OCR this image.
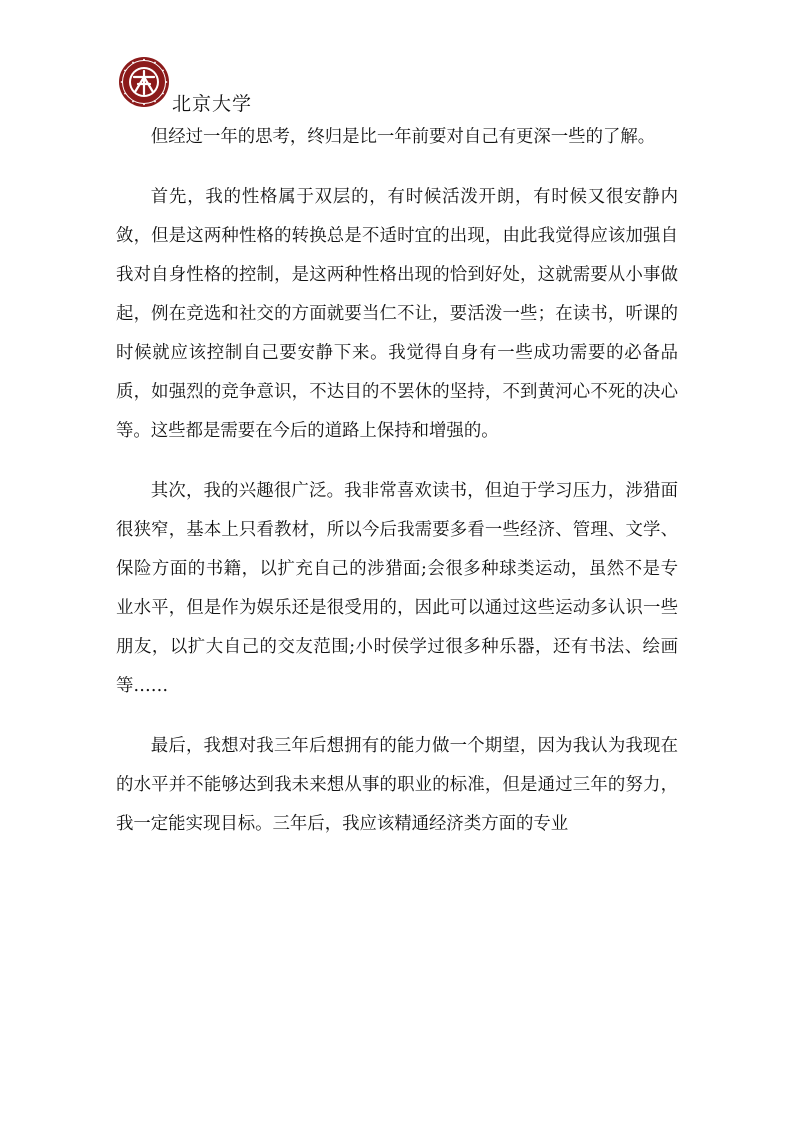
北京大学

但经过一年的思考，终归是比一年前要对自己有更深一些的了解。

首先，我的性格属于双层的，有时候活泼开朗，有时候又很安静内敛，但是这两种性格的转换总是不适时宜的出现，由此我觉得应该加强自我对自身性格的控制，是这两种性格出现的恰到好处，这就需要从小事做起，例在竞选和社交的方面就要当仁不让，要活泼一些；在读书，听课的时候就应该控制自己要安静下来。我觉得自身有一些成功需要的必备品质，如强烈的竞争意识，不达目的不罢休的坚持，不到黄河心不死的决心等。这些都是需要在今后的道路上保持和增强的。

其次，我的兴趣很广泛。我非常喜欢读书，但迫于学习压力，涉猎面很狭窄，基本上只看教材，所以今后我需要多看一些经济、管理、文学、保险方面的书籍，以扩充自己的涉猎面;会很多种球类运动，虽然不是专业水平，但是作为娱乐还是很受用的，因此可以通过这些运动多认识一些朋友，以扩大自己的交友范围;小时侯学过很多种乐器，还有书法、绘画等……

最后，我想对我三年后想拥有的能力做一个期望，因为我认为我现在的水平并不能够达到我未来想从事的职业的标准，但是通过三年的努力，我一定能实现目标。三年后，我应该精通经济类方面的专业
